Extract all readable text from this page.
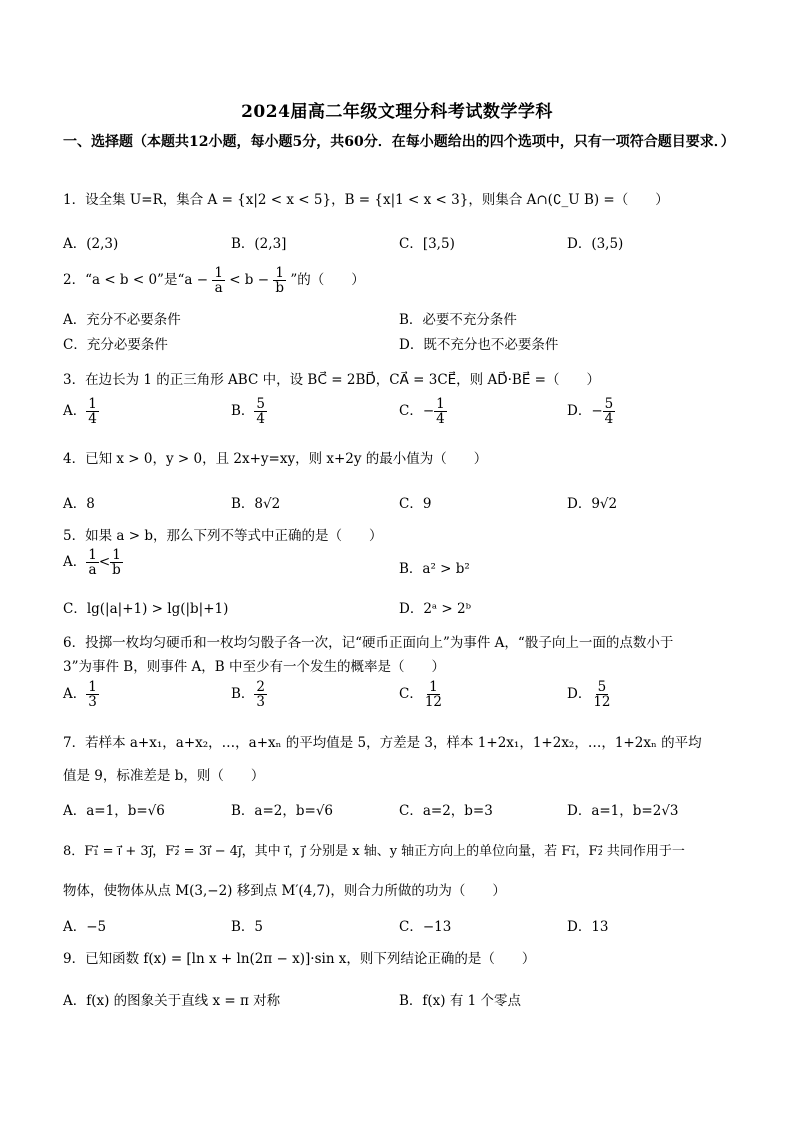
2024届高二年级文理分科考试数学学科
一、选择题（本题共12小题，每小题5分，共60分．在每小题给出的四个选项中，只有一项符合题目要求．）
1．设全集 U=R，集合 A = {x|2 < x < 5}，B = {x|1 < x < 3}，则集合 A∩(∁_U B) =（　　）
A．(2,3)	B．(2,3]	C．[3,5)	D．(3,5)
2．“a < b < 0”是“$a - \frac{1}{a} < b - \frac{1}{b}$ ”的（　　）
A．充分不必要条件	B．必要不充分条件
C．充分必要条件	D．既不充分也不必要条件
3．在边长为 1 的正三角形 ABC 中，设 BC⃗ = 2BD⃗，CA⃗ = 3CE⃗，则 AD⃗·BE⃗ =（　　）
A． $\frac{1}{4}$	B． $\frac{5}{4}$	C．− $\frac{1}{4}$	D．− $\frac{5}{4}$
4．已知 x > 0，y > 0，且 2x+y=xy，则 x+2y 的最小值为（　　）
A．8	B．8√2	C．9	D．9√2
5．如果 a > b，那么下列不等式中正确的是（　　）
A． $\frac{1}{a} < \frac{1}{b}$	B．a² > b²
C．lg(|a|+1) > lg(|b|+1)	D．2ᵃ > 2ᵇ
6．投掷一枚均匀硬币和一枚均匀骰子各一次，记“硬币正面向上”为事件 A，“骰子向上一面的点数小于
3”为事件 B，则事件 A，B 中至少有一个发生的概率是（　　）
A． $\frac{1}{3}$	B． $\frac{2}{3}$	C． $\frac{1}{12}$	D． $\frac{5}{12}$
7．若样本 a+x₁，a+x₂，…，a+xₙ 的平均值是 5，方差是 3，样本 1+2x₁，1+2x₂，…，1+2xₙ 的平均
值是 9，标准差是 b，则（　　）
A．a=1，b=√6	B．a=2，b=√6	C．a=2，b=3	D．a=1，b=2√3
8．F₁⃗ = i⃗ + 3j⃗，F₂⃗ = 3i⃗ − 4j⃗，其中 i⃗，j⃗ 分别是 x 轴、y 轴正方向上的单位向量，若 F₁⃗，F₂⃗ 共同作用于一
物体，使物体从点 M(3,−2) 移到点 M′(4,7)，则合力所做的功为（　　）
A．−5	B．5	C．−13	D．13
9．已知函数 f(x) = [ln x + ln(2π − x)]·sin x，则下列结论正确的是（　　）
A．f(x) 的图象关于直线 x = π 对称	B．f(x) 有 1 个零点
